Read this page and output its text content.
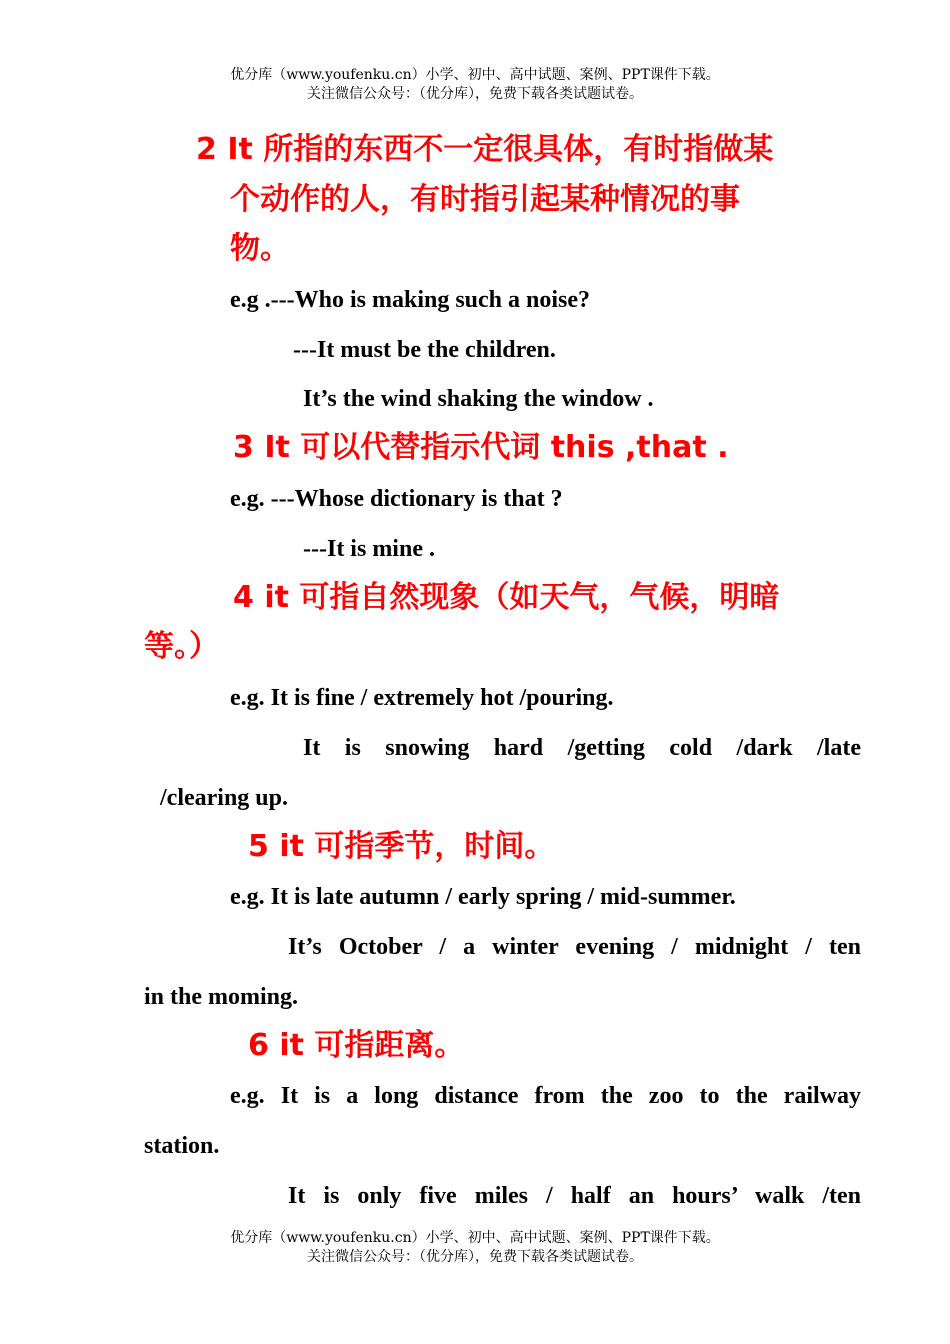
优分库（www.youfenku.cn）小学、初中、高中试题、案例、PPT课件下载。
关注微信公众号：（优分库），免费下载各类试题试卷。
2 It 所指的东西不一定很具体，有时指做某
个动作的人，有时指引起某种情况的事
物。
e.g .---Who is making such a noise?
---It must be the children.
It’s the wind shaking the window .
3 It 可以代替指示代词 this ,that .
e.g. ---Whose dictionary is that ?
---It is mine .
4 it 可指自然现象（如天气，气候，明暗
等。）
e.g. It is fine / extremely hot /pouring.
It is snowing hard /getting cold /dark /late
/clearing up.
5 it 可指季节，时间。
e.g. It is late autumn / early spring / mid-summer.
It’s October / a winter evening / midnight / ten
in the moming.
6 it 可指距离。
e.g. It is a long distance from the zoo to the railway
station.
It is only five miles / half an hours’ walk /ten
优分库（www.youfenku.cn）小学、初中、高中试题、案例、PPT课件下载。
关注微信公众号：（优分库），免费下载各类试题试卷。
